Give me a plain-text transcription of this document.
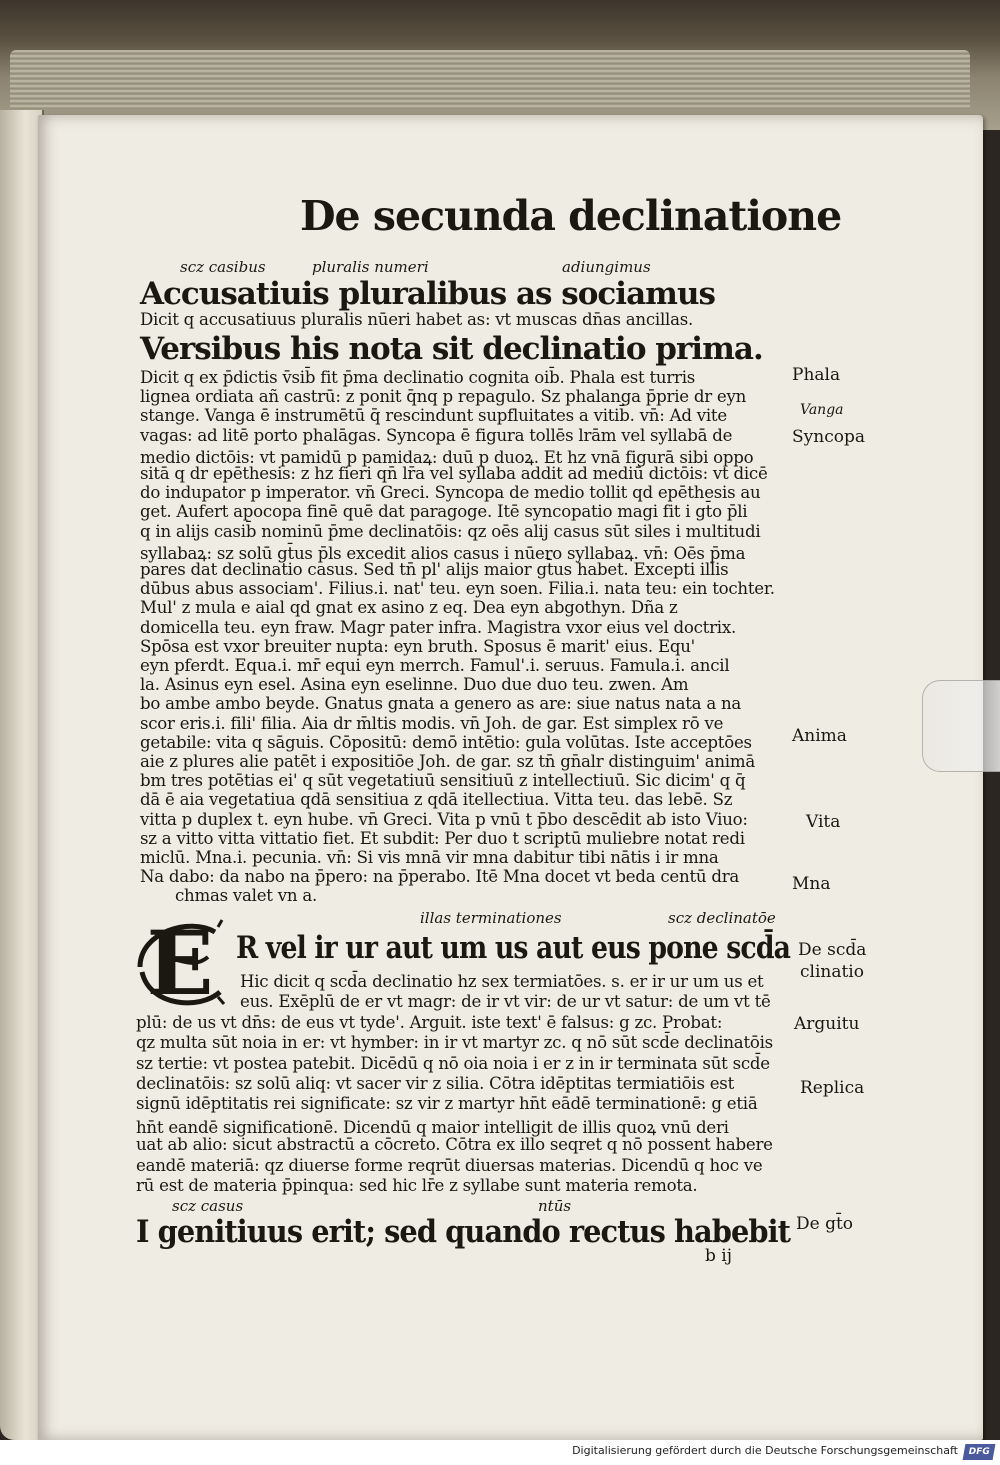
De secunda declinatione
scz casibus	pluralis numeri	adiungimus
Accusatiuis pluralibus as sociamus
Dicit q accusatiuus pluralis nūeri habet as: vt muscas dn̄as ancillas.
Versibus his nota sit declinatio prima.
Dicit q ex p̄dictis v̄sib̄ fit p̄ma declinatio cognita oib̄. Phala est turris
lignea ordiata añ castrū: z ponit q̄nq p repagulo. Sz phalanga p̄prie dr eyn
stange. Vanga ē instrumētū q̄ rescindunt supfluitates a vitib̄. vn̄: Ad vite
vagas: ad litē porto phalāgas. Syncopa ē figura tollēs lrām vel syllabā de
medio dictōis: vt pamidū p pamidaꝝ: duū p duoꝝ. Et hz vnā figurā sibi oppo
sitā q dr epēthesis: z hz fieri qn̄ lr̄a vel syllaba addit ad mediū dictōis: vt dicē
do indupator p imperator. vn̄ Greci. Syncopa de medio tollit qd epēthesis au
get. Aufert apocopa finē quē dat paragoge. Itē syncopatio magi fit i gt̄o p̄li
q in alijs casib̄ nominū p̄me declinatōis: qz oēs alij casus sūt siles i multitudi
syllabaꝝ: sz solū gt̄us p̄ls excedit alios casus i nūero syllabaꝝ. vn̄: Oēs p̄ma
pares dat declinatio casus. Sed tn̄ pl' alijs maior gt̄us habet. Excepti illis
dūbus abus associam'. Filius.i. nat' teu. eyn soen. Filia.i. nata teu: ein tochter.
Mul' z mula e aial qd gnat ex asino z eq. Dea eyn abgothyn. Dña z
domicella teu. eyn fraw. Magr pater infra. Magistra vxor eius vel doctrix.
Spōsa est vxor breuiter nupta: eyn bruth. Sposus ē marit' eius. Equ'
eyn pferdt. Equa.i. mr̄ equi eyn merrch. Famul'.i. seruus. Famula.i. ancil
la. Asinus eyn esel. Asina eyn eselinne. Duo due duo teu. zwen. Am
bo ambe ambo beyde. Gnatus gnata a genero as are: siue natus nata a na
scor eris.i. fili' filia. Aia dr m̄ltis modis. vn̄ Joh. de gar. Est simplex rō ve
getabile: vita q sāguis. Cōpositū: demō intētio: gula volūtas. Iste acceptōes
aie z plures alie patēt i expositiōe Joh. de gar. sz tn̄ gn̄alr distinguim' animā
bm tres potētias ei' q sūt vegetatiuū sensitiuū z intellectiuū. Sic dicim' q q̄
dā ē aia vegetatiua qdā sensitiua z qdā itellectiua. Vitta teu. das lebē. Sz
vitta p duplex t. eyn hube. vn̄ Greci. Vita p vnū t p̄bo descēdit ab isto Viuo:
sz a vitto vitta vittatio fiet. Et subdit: Per duo t scriptū muliebre notat redi
miclū. Mna.i. pecunia. vn̄: Si vis mnā vir mna dabitur tibi nātis i ir mna
Na dabo: da nabo na p̄pero: na p̄perabo. Itē Mna docet vt beda centū dra
chmas valet vn a.
illas terminationes	scz declinatōe
E R vel ir ur aut um us aut eus pone scd̄a
Hic dicit q scd̄a declinatio hz sex termiatōes. s. er ir ur um us et
eus. Exēplū de er vt magr: de ir vt vir: de ur vt satur: de um vt tē
plū: de us vt dn̄s: de eus vt tyde'. Arguit. iste text' ē falsus: g zc. Probat:
qz multa sūt noia in er: vt hymber: in ir vt martyr zc. q nō sūt scd̄e declinatōis
sz tertie: vt postea patebit. Dicēdū q nō oia noia i er z in ir terminata sūt scd̄e
declinatōis: sz solū aliq: vt sacer vir z silia. Cōtra idēptitas termiatiōis est
signū idēptitatis rei significate: sz vir z martyr hn̄t eādē terminationē: g etiā
hn̄t eandē significationē. Dicendū q maior intelligit de illis quoꝝ vnū deri
uat ab alio: sicut abstractū a cōcreto. Cōtra ex illo seqret q nō possent habere
eandē materiā: qz diuerse forme reqrūt diuersas materias. Dicendū q hoc ve
rū est de materia p̄pinqua: sed hic lr̄e z syllabe sunt materia remota.
scz casus	ntūs
I genitiuus erit; sed quando rectus habebit
b ij
Phala
Vanga
Syncopa
Anima
Vita
Mna
De scd̄a
clinatio
Arguitu
Replica
De gt̄o
Digitalisierung gefördert durch die Deutsche Forschungsgemeinschaft	DFG
